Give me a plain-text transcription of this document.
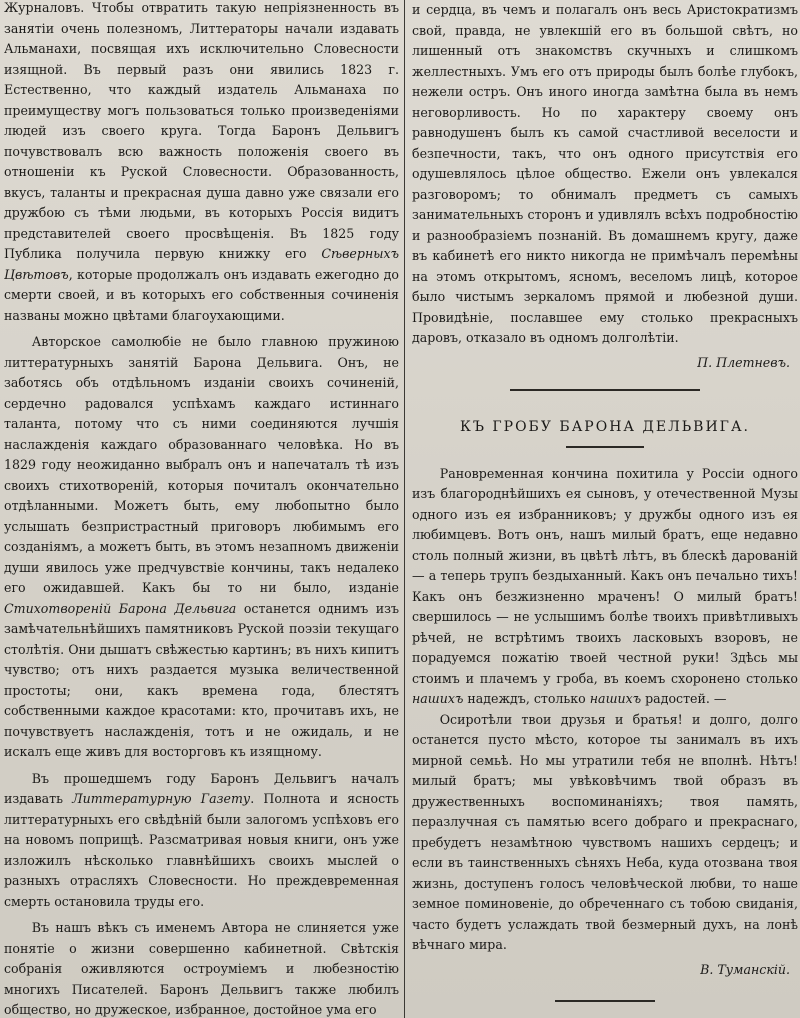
Журналовъ. Чтобы отвратить такую непріязненность въ занятіи очень полезномъ, Литтераторы начали издавать Альманахи, посвящая ихъ исключительно Словесности изящной. Въ первый разъ они явились 1823 г. Естественно, что каждый издатель Альманаха по преимуществу могъ пользоваться только произведеніями людей изъ своего круга. Тогда Баронъ Дельвигъ почувствовалъ всю важность положенія своего въ отношеніи къ Руской Словесности. Образованность, вкусъ, таланты и прекрасная душа давно уже связали его дружбою съ тѣми людьми, въ которыхъ Россія видитъ представителей своего просвѣщенія. Въ 1825 году Публика получила первую книжку его Сѣверныхъ Цвѣтовъ, которые продолжалъ онъ издавать ежегодно до смерти своей, и въ которыхъ его собственныя сочиненія названы можно цвѣтами благоухающими.

Авторское самолюбіе не было главною пружиною литтературныхъ занятій Барона Дельвига. Онъ, не заботясь объ отдѣльномъ изданіи своихъ сочиненій, сердечно радовался успѣхамъ каждаго истиннаго таланта, потому что съ ними соединяются лучшія наслажденія каждаго образованнаго человѣка. Но въ 1829 году неожиданно выбралъ онъ и напечаталъ тѣ изъ своихъ стихотвореній, которыя почиталъ окончательно отдѣланными. Можетъ быть, ему любопытно было услышать безпристрастный приговоръ любимымъ его созданіямъ, а можетъ быть, въ этомъ незапномъ движеніи души явилось уже предчувствіе кончины, такъ недалеко его ожидавшей. Какъ бы то ни было, изданіе Стихотвореній Барона Дельвига останется однимъ изъ замѣчательнѣйшихъ памятниковъ Руской поэзіи текущаго столѣтія. Они дышатъ свѣжестью картинъ; въ нихъ кипитъ чувство; отъ нихъ раздается музыка величественной простоты; они, какъ времена года, блестятъ собственными каждое красотами: кто, прочитавъ ихъ, не почувствуетъ наслажденія, тотъ и не ожидаль, и не искалъ еще живъ для восторговъ къ изящному.

Въ прошедшемъ году Баронъ Дельвигъ началъ издавать Литтературную Газету. Полнота и ясность литтературныхъ его свѣдѣній были залогомъ успѣховъ его на новомъ поприщѣ. Разсматривая новыя книги, онъ уже изложилъ нѣсколько главнѣйшихъ своихъ мыслей о разныхъ отрасляхъ Словесности. Но преждевременная смерть остановила труды его.

Въ нашъ вѣкъ съ именемъ Автора не слиняется уже понятіе о жизни совершенно кабинетной. Свѣтскія собранія оживляются остроуміемъ и любезностію многихъ Писателей. Баронъ Дельвигъ также любилъ общество, но дружеское, избранное, достойное ума его

и сердца, въ чемъ и полагалъ онъ весь Аристократизмъ свой, правда, не увлекшій его въ большой свѣтъ, но лишенный отъ знакомствъ скучныхъ и слишкомъ желлестныхъ. Умъ его отъ природы былъ болѣе глубокъ, нежели остръ. Онъ иного иногда замѣтна была въ немъ неговорливость. Но по характеру своему онъ равнодушенъ былъ къ самой счастливой веселости и безпечности, такъ, что онъ одного присутствія его одушевлялось цѣлое общество. Ежели онъ увлекался разговоромъ; то обнималъ предметъ съ самыхъ занимательныхъ сторонъ и удивлялъ всѣхъ подробностію и разнообразіемъ познаній. Въ домашнемъ кругу, даже въ кабинетѣ его никто никогда не примѣчалъ перемѣны на этомъ открытомъ, ясномъ, веселомъ лицѣ, которое было чистымъ зеркаломъ прямой и любезной души. Провидѣніе, пославшее ему столько прекрасныхъ даровъ, отказало въ одномъ долголѣтіи.

П. Плетневъ.

КЪ ГРОБУ БАРОНА ДЕЛЬВИГА.

Рановременная кончина похитила у Россіи одного изъ благороднѣйшихъ ея сыновъ, у отечественной Музы одного изъ ея избранниковъ; у дружбы одного изъ ея любимцевъ. Вотъ онъ, нашъ милый братъ, еще недавно столь полный жизни, въ цвѣтѣ лѣтъ, въ блескѣ дарованій — а теперь трупъ бездыханный. Какъ онъ печально тихъ! Какъ онъ безжизненно мраченъ! О милый братъ! свершилось — не услышимъ болѣе твоихъ привѣтливыхъ рѣчей, не встрѣтимъ твоихъ ласковыхъ взоровъ, не порадуемся пожатію твоей честной руки! Здѣсь мы стоимъ и плачемъ у гроба, въ коемъ схоронено столько нашихъ надеждъ, столько нашихъ радостей. —

Осиротѣли твои друзья и братья! и долго, долго останется пусто мѣсто, которое ты занималъ въ ихъ мирной семьѣ. Но мы утратили тебя не вполнѣ. Нѣтъ! милый братъ; мы увѣковѣчимъ твой образъ въ дружественныхъ воспоминаніяхъ; твоя память, перазлучная съ памятью всего добраго и прекраснаго, пребудетъ незамѣтною чувствомъ нашихъ сердецъ; и если въ таинственныхъ сѣняхъ Неба, куда отозвана твоя жизнь, доступенъ голосъ человѣческой любви, то наше земное поминовеніе, до обреченнаго съ тобою свиданія, часто будетъ услаждать твой безмерный духъ, на лонѣ вѣчнаго мира.

В. Туманскій.
